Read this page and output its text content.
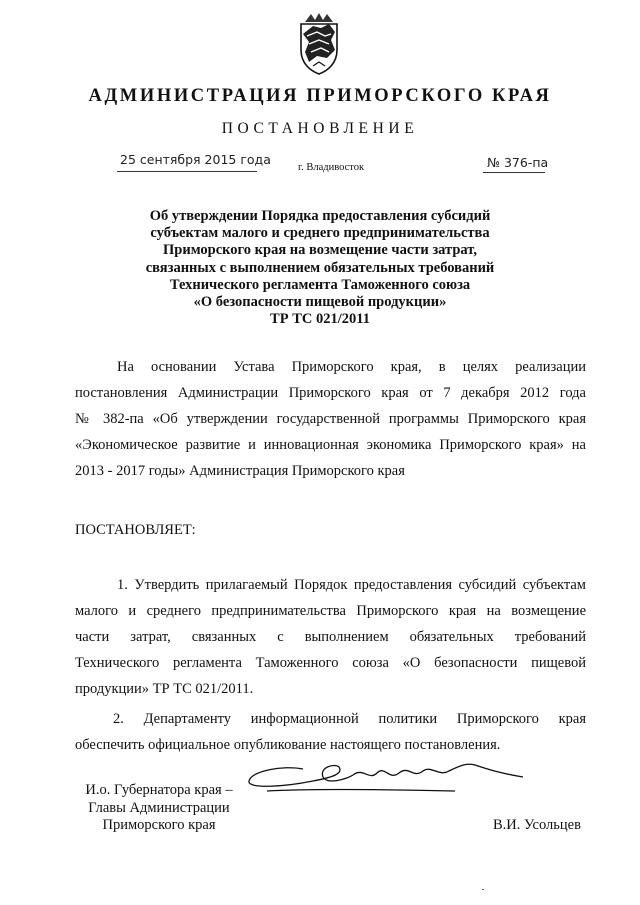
АДМИНИСТРАЦИЯ ПРИМОРСКОГО КРАЯ
ПОСТАНОВЛЕНИЕ
25 сентября 2015 года
г. Владивосток	№ 376-па
Об утверждении Порядка предоставления субсидий
субъектам малого и среднего предпринимательства
Приморского края на возмещение части затрат,
связанных с выполнением обязательных требований
Технического регламента Таможенного союза
«О безопасности пищевой продукции»
ТР ТС 021/2011
На основании Устава Приморского края, в целях реализации
постановления Администрации Приморского края от 7 декабря 2012 года
№ 382-па «Об утверждении государственной программы Приморского края
«Экономическое развитие и инновационная экономика Приморского края» на
2013 - 2017 годы» Администрация Приморского края
ПОСТАНОВЛЯЕТ:
1. Утвердить прилагаемый Порядок предоставления субсидий субъектам
малого и среднего предпринимательства Приморского края на возмещение
части затрат, связанных с выполнением обязательных требований
Технического регламента Таможенного союза «О безопасности пищевой
продукции» ТР ТС 021/2011.
2. Департаменту информационной политики Приморского края
обеспечить официальное опубликование настоящего постановления.
И.о. Губернатора края –
Главы Администрации
Приморского края	В.И. Усольцев
